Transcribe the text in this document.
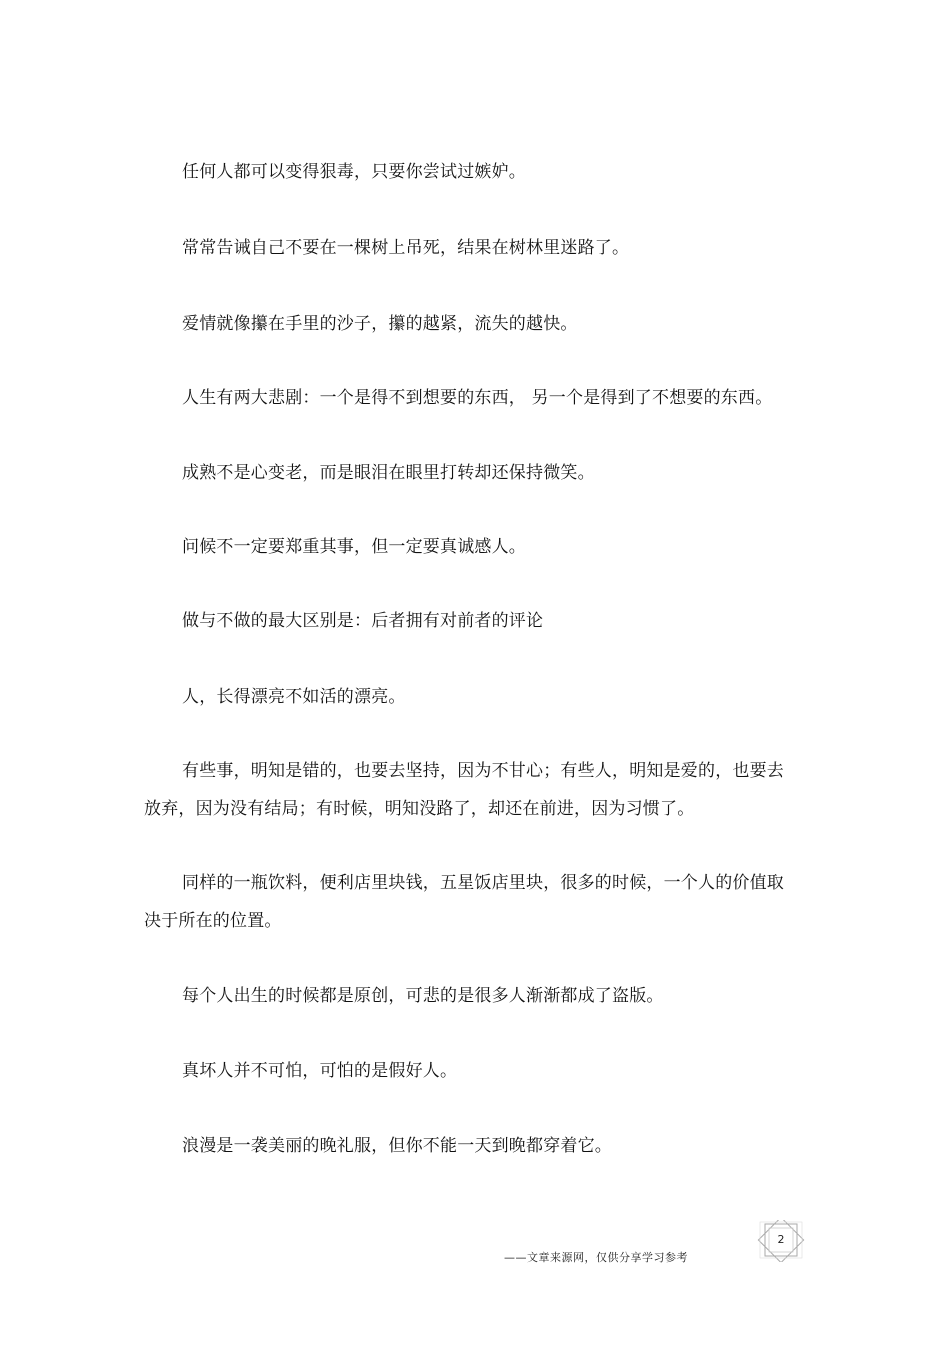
任何人都可以变得狠毒，只要你尝试过嫉妒。

常常告诫自己不要在一棵树上吊死，结果在树林里迷路了。

爱情就像攥在手里的沙子，攥的越紧，流失的越快。

人生有两大悲剧：一个是得不到想要的东西， 另一个是得到了不想要的东西。

成熟不是心变老，而是眼泪在眼里打转却还保持微笑。

问候不一定要郑重其事，但一定要真诚感人。

做与不做的最大区别是：后者拥有对前者的评论

人，长得漂亮不如活的漂亮。

有些事，明知是错的，也要去坚持，因为不甘心；有些人，明知是爱的，也要去放弃，因为没有结局；有时候，明知没路了，却还在前进，因为习惯了。

同样的一瓶饮料，便利店里块钱，五星饭店里块，很多的时候，一个人的价值取决于所在的位置。

每个人出生的时候都是原创，可悲的是很多人渐渐都成了盗版。

真坏人并不可怕，可怕的是假好人。

浪漫是一袭美丽的晚礼服，但你不能一天到晚都穿着它。

——文章来源网，仅供分享学习参考
2
